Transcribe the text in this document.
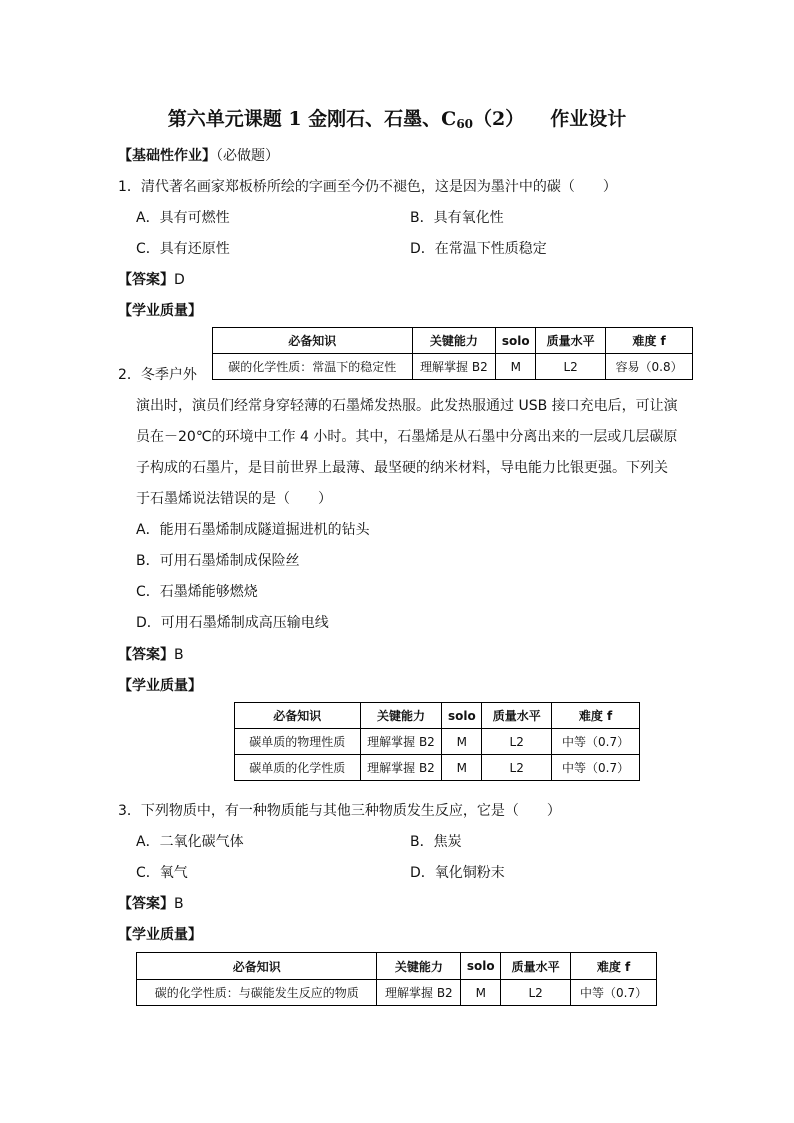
第六单元课题 1 金刚石、石墨、$C_{60}(2)$ 作业设计
【基础性作业】（必做题）
1．清代著名画家郑板桥所绘的字画至今仍不褪色，这是因为墨汁中的碳（　　）
A．具有可燃性	B．具有氧化性
C．具有还原性	D．在常温下性质稳定
【答案】D
【学业质量】
必备知识	关键能力	solo	质量水平	难度 f
碳的化学性质：常温下的稳定性	理解掌握 B2	M	L2	容易（0.8）
2．冬季户外
演出时，演员们经常身穿轻薄的石墨烯发热服。此发热服通过 USB 接口充电后，可让演
员在－20℃的环境中工作 4 小时。其中，石墨烯是从石墨中分离出来的一层或几层碳原
子构成的石墨片，是目前世界上最薄、最坚硬的纳米材料，导电能力比银更强。下列关
于石墨烯说法错误的是（　　）
A．能用石墨烯制成隧道掘进机的钻头
B．可用石墨烯制成保险丝
C．石墨烯能够燃烧
D．可用石墨烯制成高压输电线
【答案】B
【学业质量】
必备知识	关键能力	solo	质量水平	难度 f
碳单质的物理性质	理解掌握 B2	M	L2	中等（0.7）
碳单质的化学性质	理解掌握 B2	M	L2	中等（0.7）
3．下列物质中，有一种物质能与其他三种物质发生反应，它是（　　）
A．二氧化碳气体	B．焦炭
C．氧气	D．氧化铜粉末
【答案】B
【学业质量】
必备知识	关键能力	solo	质量水平	难度 f
碳的化学性质：与碳能发生反应的物质	理解掌握 B2	M	L2	中等（0.7）
